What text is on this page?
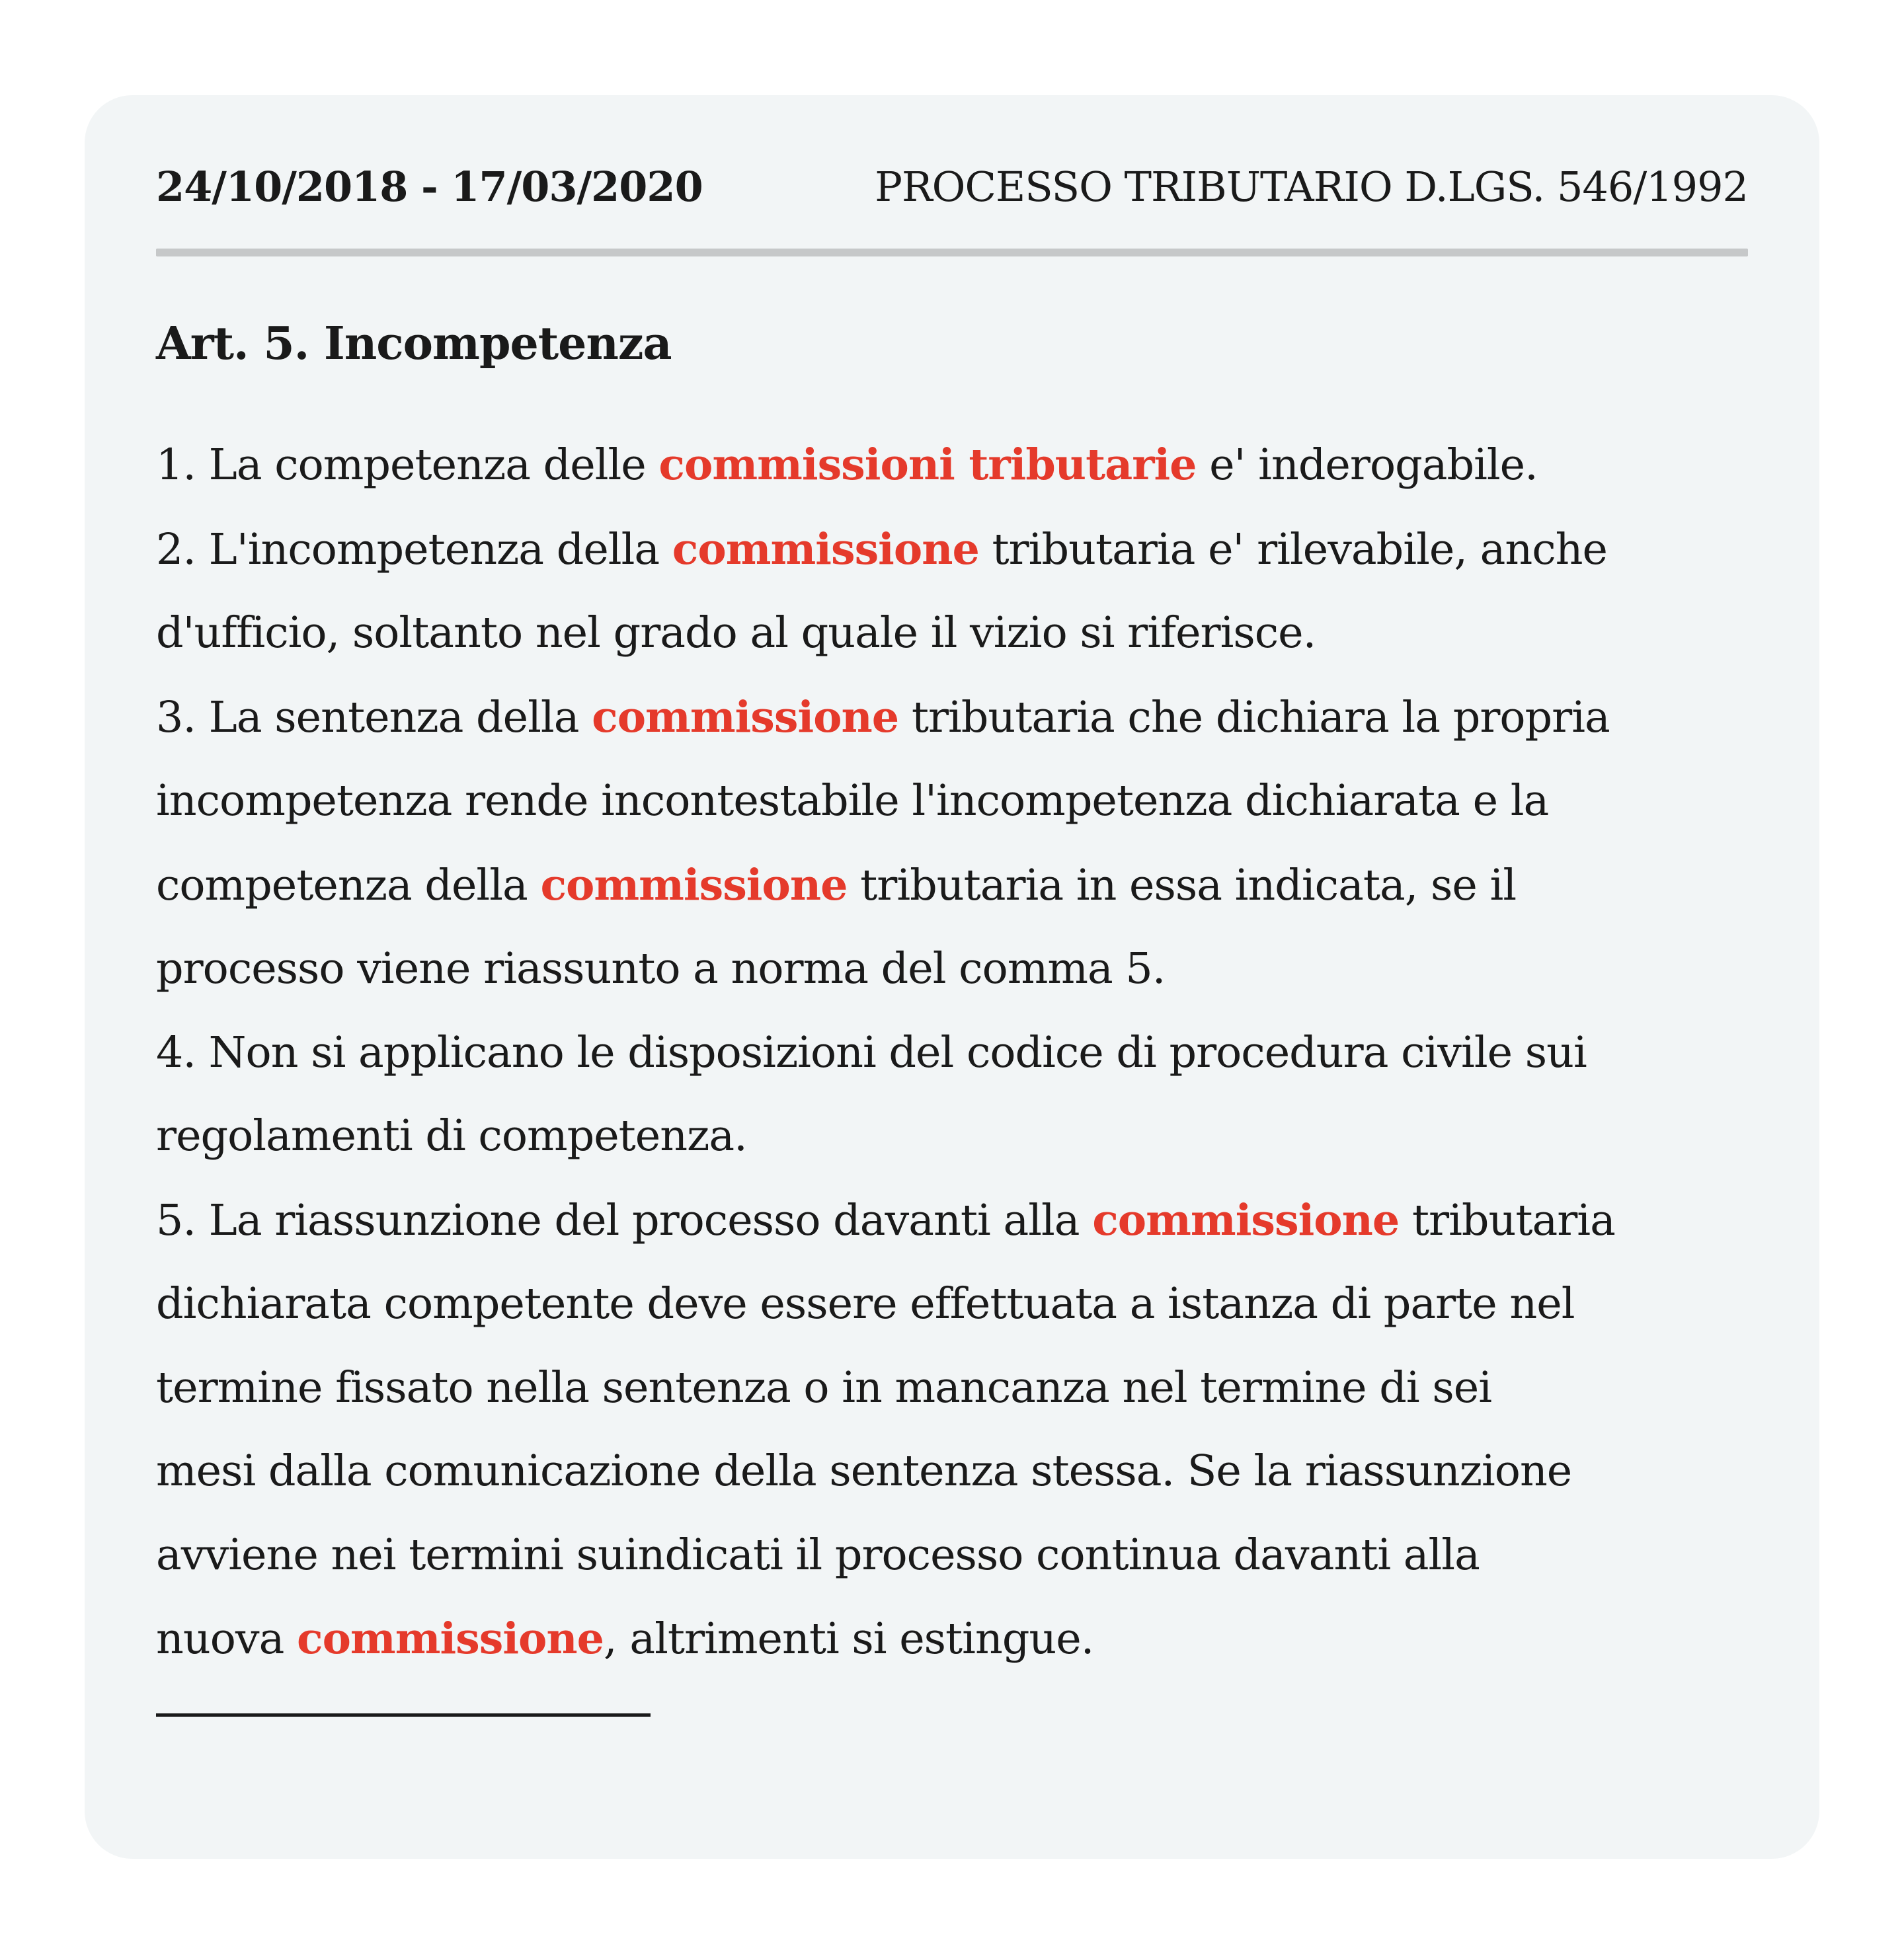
24/10/2018 - 17/03/2020	PROCESSO TRIBUTARIO D.LGS. 546/1992
Art. 5. Incompetenza
1. La competenza delle commissioni tributarie e' inderogabile.
2. L'incompetenza della commissione tributaria e' rilevabile, anche
d'ufficio, soltanto nel grado al quale il vizio si riferisce.
3. La sentenza della commissione tributaria che dichiara la propria
incompetenza rende incontestabile l'incompetenza dichiarata e la
competenza della commissione tributaria in essa indicata, se il
processo viene riassunto a norma del comma 5.
4. Non si applicano le disposizioni del codice di procedura civile sui
regolamenti di competenza.
5. La riassunzione del processo davanti alla commissione tributaria
dichiarata competente deve essere effettuata a istanza di parte nel
termine fissato nella sentenza o in mancanza nel termine di sei
mesi dalla comunicazione della sentenza stessa. Se la riassunzione
avviene nei termini suindicati il processo continua davanti alla
nuova commissione, altrimenti si estingue.
